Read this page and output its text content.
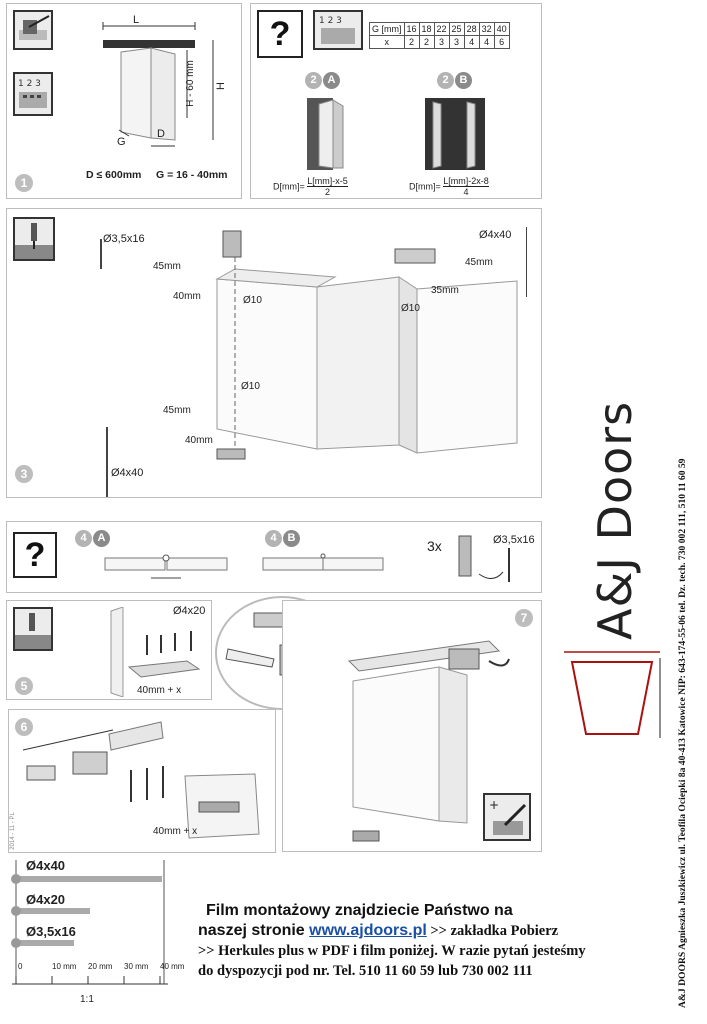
1 2 3
L
H
H - 60 mm
G
D
D ≤ 600mm G = 16 - 40mm
1
?	1 2 3
G [mm]	16	18	22	25	28	32	40
x	2	2	3	3	4	4	6
2 A	2 B
$D[mm]= \frac{L[mm]-x-5}{2}$	$D[mm]= \frac{L[mm]-2x-8}{4}$
Ø3,5x16	Ø4x40
Ø4x40
45mm
40mm	Ø10
45mm
35mm
Ø10
Ø10
45mm
40mm
3
?	4 A	4 B	3x	Ø3,5x16
Ø4x20
40mm + x
5
40mm + x
6
+
7 A&J Doors
Ø4x40
Ø4x20
Ø3,5x16
0	10 mm 20 mm 30 mm 40 mm
1:1
2014 - 11 - PL
Film montażowy znajdziecie Państwo na
naszej stronie www.ajdoors.pl >> zakładka Pobierz
>> Herkules plus w PDF i film poniżej. W razie pytań jesteśmy
do dyspozycji pod nr. Tel. 510 11 60 59 lub 730 002 111	A&J DOORS Agnieszka Juszkiewicz ul. Teofila Ociepki 8a 40-413 Katowice NIP: 643-174-55-06 tel. Dz. tech. 730 002 111, 510 11 60 59
